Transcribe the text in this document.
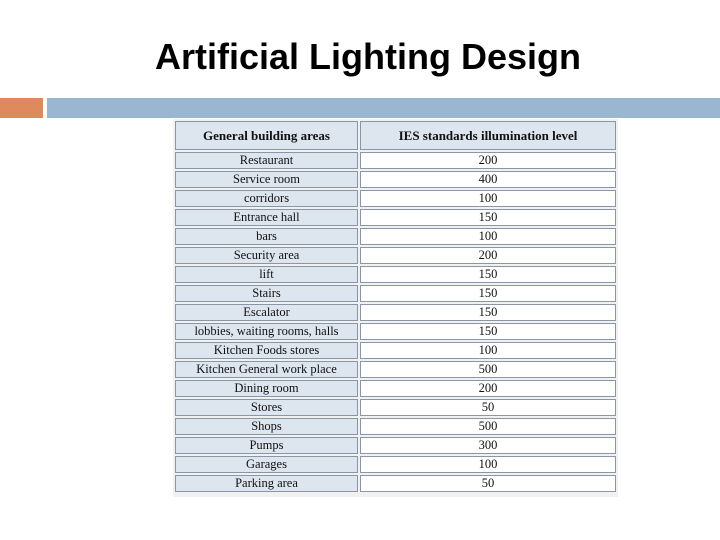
Artificial Lighting Design
General building areas	IES standards illumination level
Restaurant	200
Service room	400
corridors	100
Entrance hall	150
bars	100
Security area	200
lift	150
Stairs	150
Escalator	150
lobbies, waiting rooms, halls	150
Kitchen Foods stores	100
Kitchen General work place	500
Dining room	200
Stores	50
Shops	500
Pumps	300
Garages	100
Parking area	50
